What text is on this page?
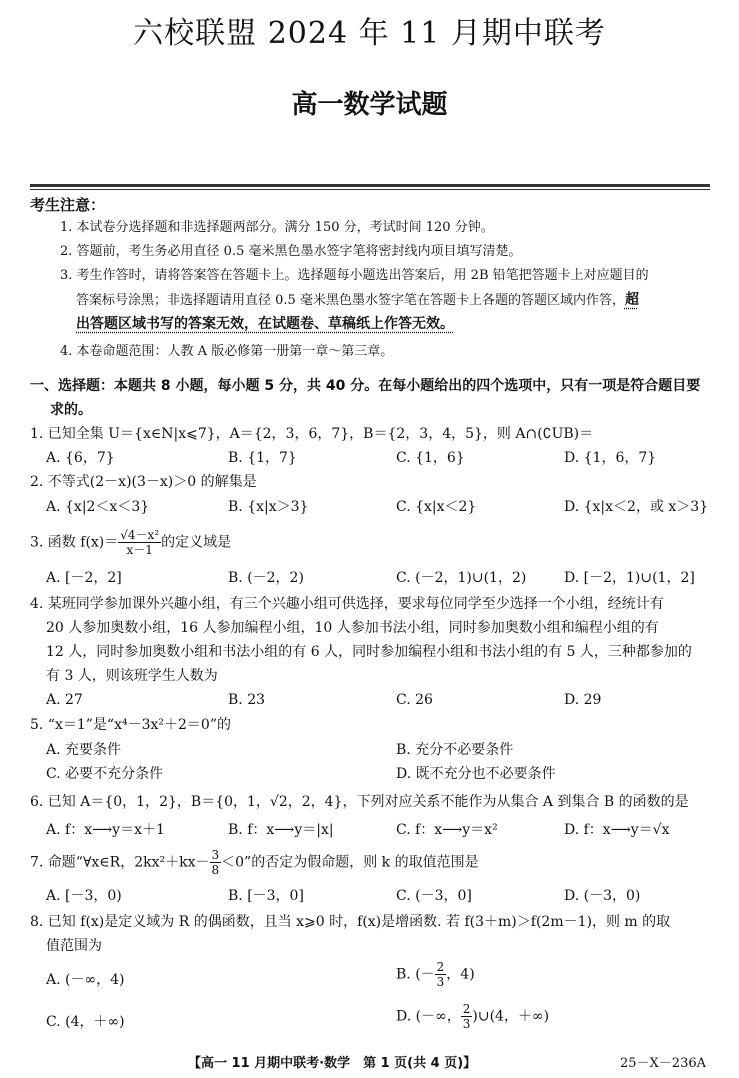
六校联盟 2024 年 11 月期中联考
高一数学试题
考生注意：
1. 本试卷分选择题和非选择题两部分。满分 150 分，考试时间 120 分钟。
2. 答题前，考生务必用直径 0.5 毫米黑色墨水签字笔将密封线内项目填写清楚。
3. 考生作答时，请将答案答在答题卡上。选择题每小题选出答案后，用 2B 铅笔把答题卡上对应题目的
答案标号涂黑；非选择题请用直径 0.5 毫米黑色墨水签字笔在答题卡上各题的答题区域内作答，超
出答题区域书写的答案无效，在试题卷、草稿纸上作答无效。
4. 本卷命题范围：人教 A 版必修第一册第一章～第三章。
一、选择题：本题共 8 小题，每小题 5 分，共 40 分。在每小题给出的四个选项中，只有一项是符合题目要
求的。
1. 已知全集 U＝{x∈N|x⩽7}，A＝{2，3，6，7}，B＝{2，3，4，5}，则 A∩(∁UB)＝
A. {6，7}	B. {1，7}	C. {1，6}	D. {1，6，7}
2. 不等式(2－x)(3－x)＞0 的解集是
A. {x|2＜x＜3}	B. {x|x＞3}	C. {x|x＜2}	D. {x|x＜2，或 x＞3}
3. 函数 $f(x)= \frac{\text{√4－x²}}{x-1}$ 的定义域是
A. [－2，2]	B. (－2，2)	C. (－2，1)∪(1，2)	D. [－2，1)∪(1，2]
4. 某班同学参加课外兴趣小组，有三个兴趣小组可供选择，要求每位同学至少选择一个小组，经统计有
20 人参加奥数小组，16 人参加编程小组，10 人参加书法小组，同时参加奥数小组和编程小组的有
12 人，同时参加奥数小组和书法小组的有 6 人，同时参加编程小组和书法小组的有 5 人，三种都参加的
有 3 人，则该班学生人数为
A. 27	B. 23	C. 26	D. 29
5. “x＝1”是“x⁴－3x²＋2＝0”的
A. 充要条件	B. 充分不必要条件
C. 必要不充分条件	D. 既不充分也不必要条件
6. 已知 A＝{0，1，2}，B＝{0，1，√2，2，4}，下列对应关系不能作为从集合 A 到集合 B 的函数的是
A. f：x⟶y＝x＋1	B. f：x⟶y＝|x|	C. f：x⟶y＝x²	D. f：x⟶y＝√x
7. 命题“∀x∈R，$2kx^2+kx- \frac{3}{8} <0$”的否定为假命题，则 k 的取值范围是
A. [－3，0)	B. [－3，0]	C. (－3，0]	D. (－3，0)
8. 已知 f(x)是定义域为 R 的偶函数，且当 x⩾0 时，f(x)是增函数. 若 f(3＋m)＞f(2m－1)，则 m 的取
值范围为
A. (－∞，4)	B. (－ $\frac{2}{3}$ ，4)
C. (4，＋∞)	D. (－∞， $\frac{2}{3}$ )∪(4，＋∞)
【高一 11 月期中联考·数学　第 1 页(共 4 页)】	25－X－236A
